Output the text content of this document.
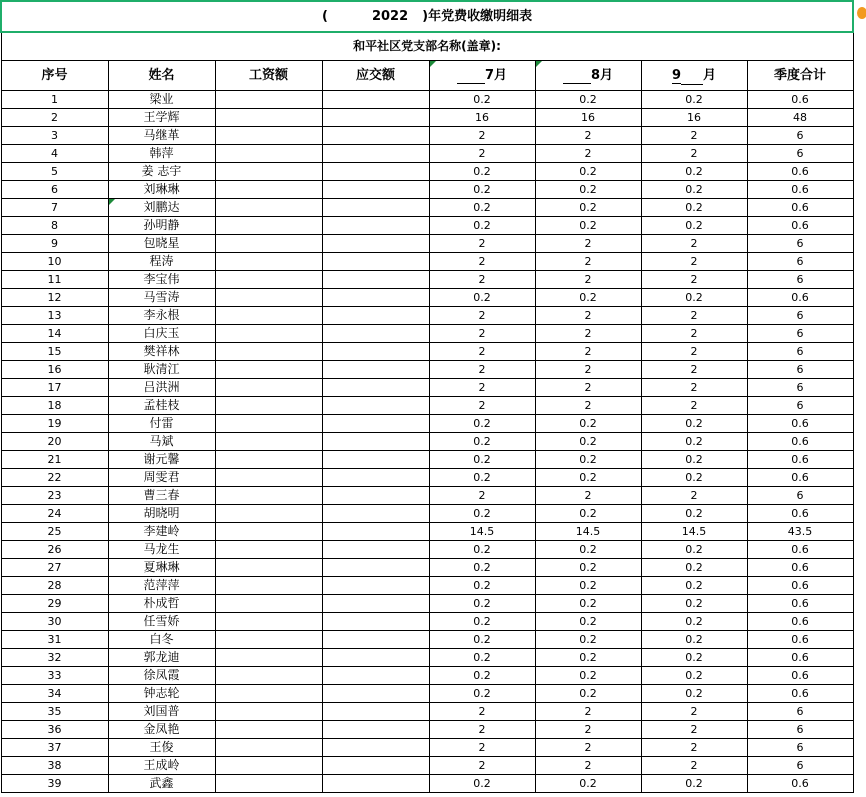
( 2022 )年党费收缴明细表							
和平社区党支部名称(盖章):							
序号	姓名	工资额	应交额	7月	8月	9 月	季度合计
1	梁业			0.2	0.2	0.2	0.6
2	王学辉			16	16	16	48
3	马继革			2	2	2	6
4	韩萍			2	2	2	6
5	姜 志宇			0.2	0.2	0.2	0.6
6	刘琳琳			0.2	0.2	0.2	0.6
7	刘鹏达			0.2	0.2	0.2	0.6
8	孙明静			0.2	0.2	0.2	0.6
9	包晓星			2	2	2	6
10	程涛			2	2	2	6
11	李宝伟			2	2	2	6
12	马雪涛			0.2	0.2	0.2	0.6
13	李永根			2	2	2	6
14	白庆玉			2	2	2	6
15	樊祥林			2	2	2	6
16	耿清江			2	2	2	6
17	吕洪洲			2	2	2	6
18	孟桂枝			2	2	2	6
19	付雷			0.2	0.2	0.2	0.6
20	马斌			0.2	0.2	0.2	0.6
21	谢元馨			0.2	0.2	0.2	0.6
22	周雯君			0.2	0.2	0.2	0.6
23	曹三春			2	2	2	6
24	胡晓明			0.2	0.2	0.2	0.6
25	李建岭			14.5	14.5	14.5	43.5
26	马龙生			0.2	0.2	0.2	0.6
27	夏琳琳			0.2	0.2	0.2	0.6
28	范萍萍			0.2	0.2	0.2	0.6
29	朴成哲			0.2	0.2	0.2	0.6
30	任雪娇			0.2	0.2	0.2	0.6
31	白冬			0.2	0.2	0.2	0.6
32	郭龙迪			0.2	0.2	0.2	0.6
33	徐凤霞			0.2	0.2	0.2	0.6
34	钟志轮			0.2	0.2	0.2	0.6
35	刘国普			2	2	2	6
36	金凤艳			2	2	2	6
37	王俊			2	2	2	6
38	王成岭			2	2	2	6
39	武鑫			0.2	0.2	0.2	0.6
